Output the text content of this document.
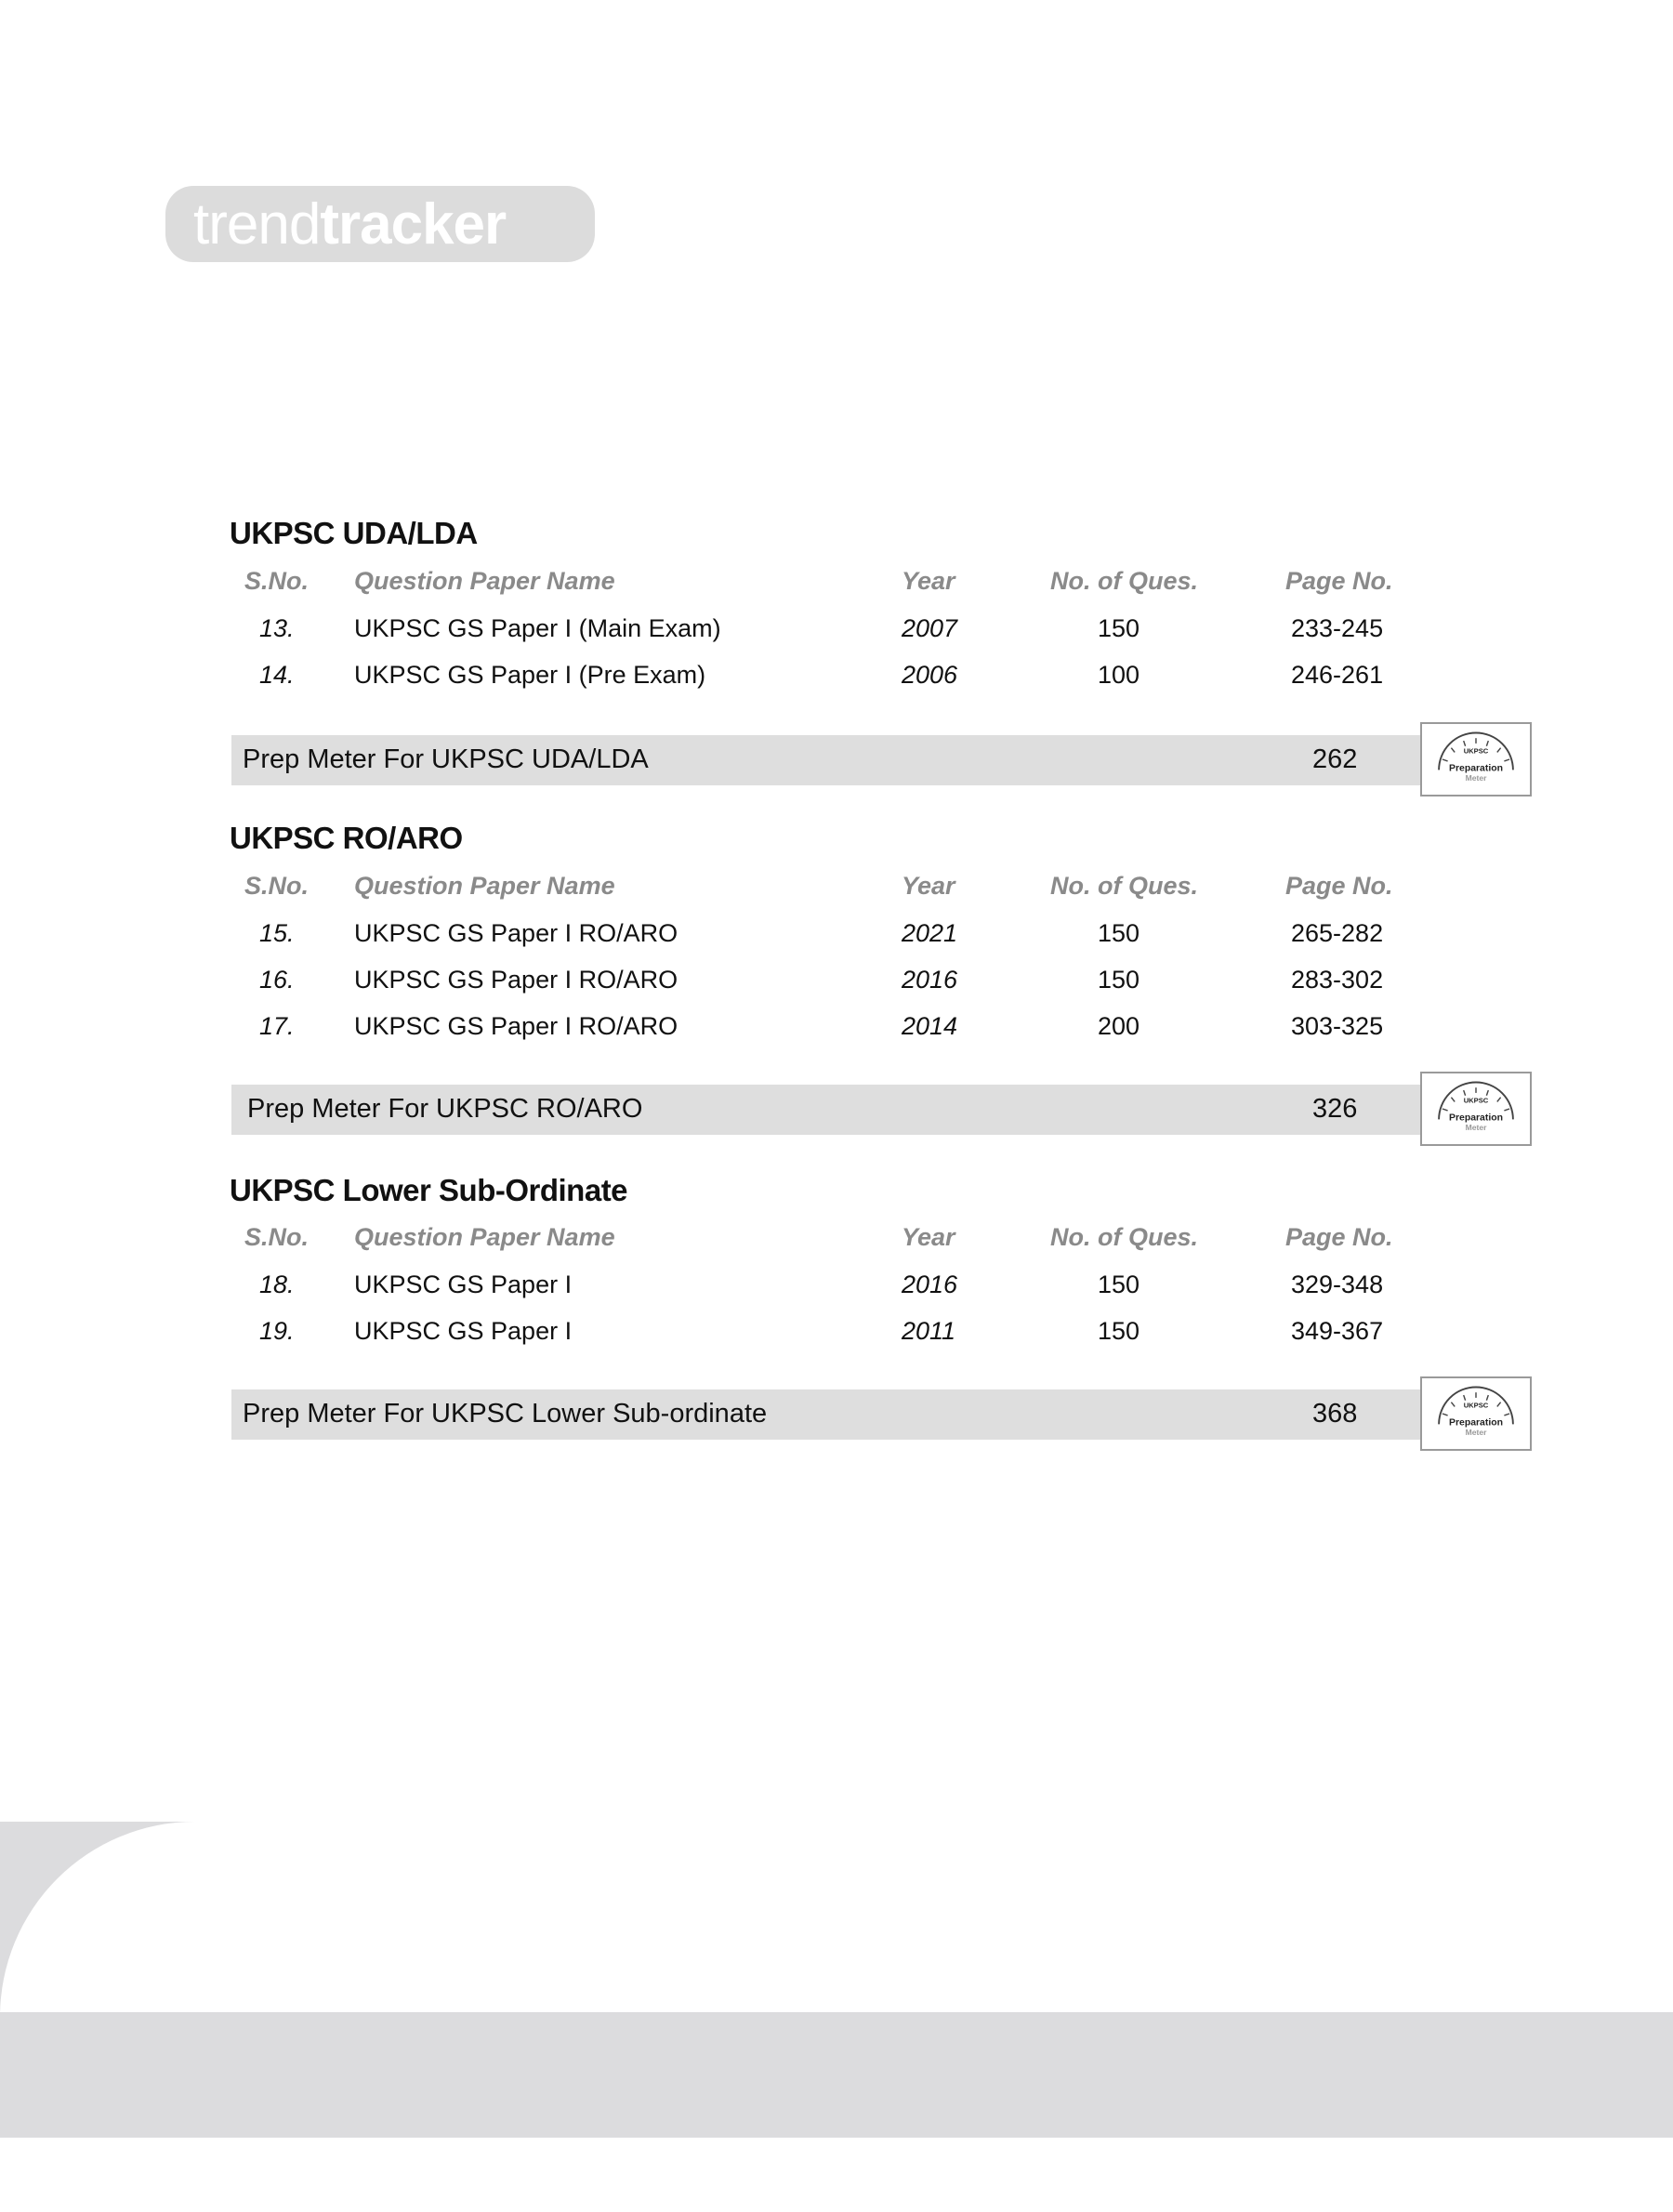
trend tracker
UKPSC UDA/LDA
S.No. Question Paper Name	Year	No. of Ques.	Page No.
13. UKPSC GS Paper I (Main Exam)	2007	150	233-245
14. UKPSC GS Paper I (Pre Exam)	2006	100	246-261
Prep Meter For UKPSC UDA/LDA	262	UKPSC
Preparation
Meter
UKPSC RO/ARO
S.No. Question Paper Name	Year	No. of Ques.	Page No.
15. UKPSC GS Paper I RO/ARO	2021	150	265-282
16. UKPSC GS Paper I RO/ARO	2016	150	283-302
17. UKPSC GS Paper I RO/ARO	2014	200	303-325
Prep Meter For UKPSC RO/ARO	326	UKPSC
Preparation
Meter
UKPSC Lower Sub-Ordinate
S.No. Question Paper Name	Year	No. of Ques.	Page No.
18. UKPSC GS Paper I	2016	150	329-348
19. UKPSC GS Paper I	2011	150	349-367
Prep Meter For UKPSC Lower Sub-ordinate	368	UKPSC
Preparation
Meter
